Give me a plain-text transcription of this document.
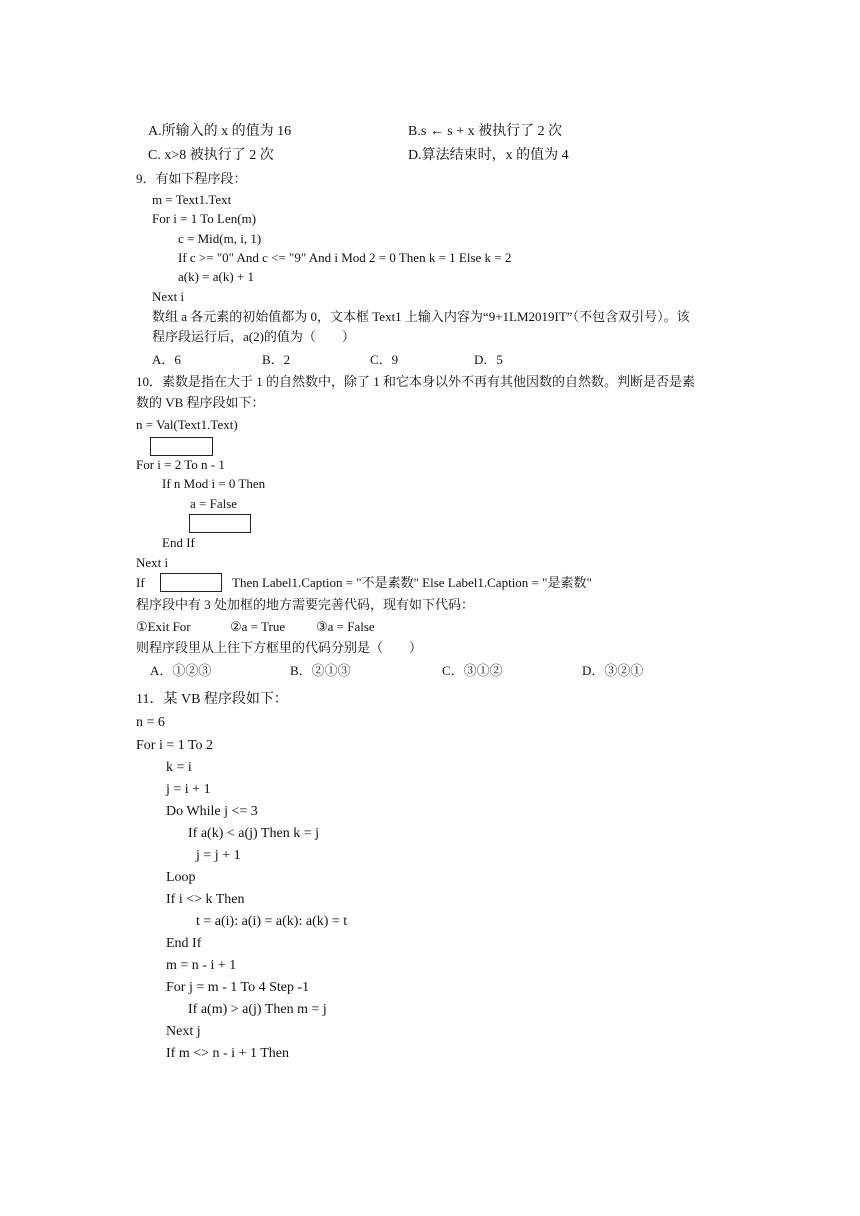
A.所输入的 x 的值为 16	B.s ← s + x 被执行了 2 次
C. x>8 被执行了 2 次	D.算法结束时，x 的值为 4
9．有如下程序段：
m = Text1.Text
For i = 1 To Len(m)
c = Mid(m, i, 1)
If c >= "0" And c <= "9" And i Mod 2 = 0 Then k = 1 Else k = 2
a(k) = a(k) + 1
Next i
数组 a 各元素的初始值都为 0，文本框 Text1 上输入内容为“9+1LM2019IT”（不包含双引号）。该
程序段运行后，a(2)的值为（　　）
A．6	B．2	C．9	D．5
10．素数是指在大于 1 的自然数中，除了 1 和它本身以外不再有其他因数的自然数。判断是否是素
数的 VB 程序段如下：
n = Val(Text1.Text)
For i = 2 To n - 1
If n Mod i = 0 Then
a = False
End If
Next i
If	Then Label1.Caption = "不是素数" Else Label1.Caption = "是素数"
程序段中有 3 处加框的地方需要完善代码，现有如下代码：
①Exit For	②a = True ③a = False
则程序段里从上往下方框里的代码分别是（　　）
A．①②③	B．②①③	C．③①②	D．③②①
11．某 VB 程序段如下：
n = 6
For i = 1 To 2
k = i
j = i + 1
Do While j <= 3
If a(k) < a(j) Then k = j
j = j + 1
Loop
If i <> k Then
t = a(i): a(i) = a(k): a(k) = t
End If
m = n - i + 1
For j = m - 1 To 4 Step -1
If a(m) > a(j) Then m = j
Next j
If m <> n - i + 1 Then
